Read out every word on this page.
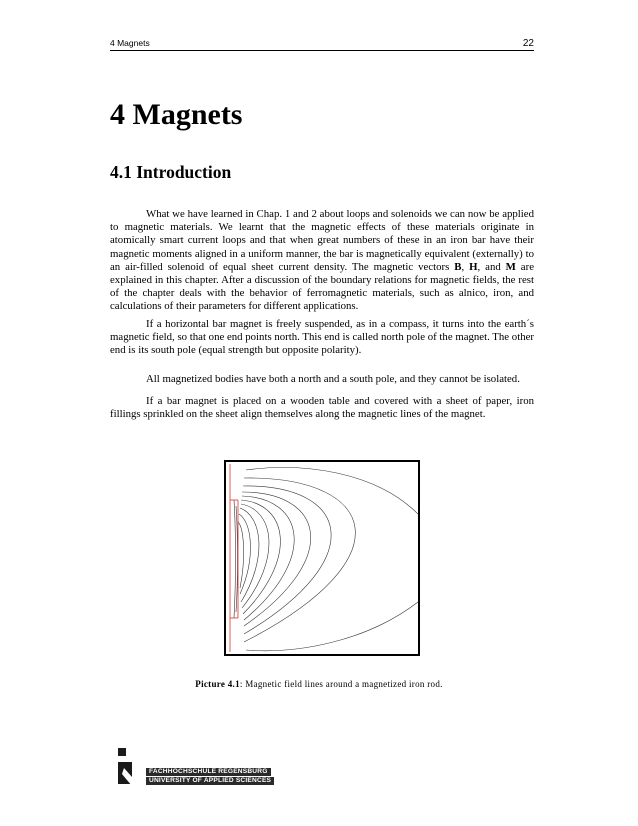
4 Magnets	22
4 Magnets
4.1 Introduction

What we have learned in Chap. 1 and 2 about loops and solenoids we can now be applied to magnetic materials. We learnt that the magnetic effects of these materials originate in atomically smart current loops and that when great numbers of these in an iron bar have their magnetic moments aligned in a uniform manner, the bar is magnetically equivalent (externally) to an air-filled solenoid of equal sheet current density. The magnetic vectors B, H, and M are explained in this chapter. After a discussion of the boundary relations for magnetic fields, the rest of the chapter deals with the behavior of ferromagnetic materials, such as alnico, iron, and calculations of their parameters for different applications.

If a horizontal bar magnet is freely suspended, as in a compass, it turns into the earth´s magnetic field, so that one end points north. This end is called north pole of the magnet. The other end is its south pole (equal strength but opposite polarity).

All magnetized bodies have both a north and a south pole, and they cannot be isolated.

If a bar magnet is placed on a wooden table and covered with a sheet of paper, iron fillings sprinkled on the sheet align themselves along the magnetic lines of the magnet.

Picture 4.1: Magnetic field lines around a magnetized iron rod.
FACHHOCHSCHULE REGENSBURG
UNIVERSITY OF APPLIED SCIENCES
